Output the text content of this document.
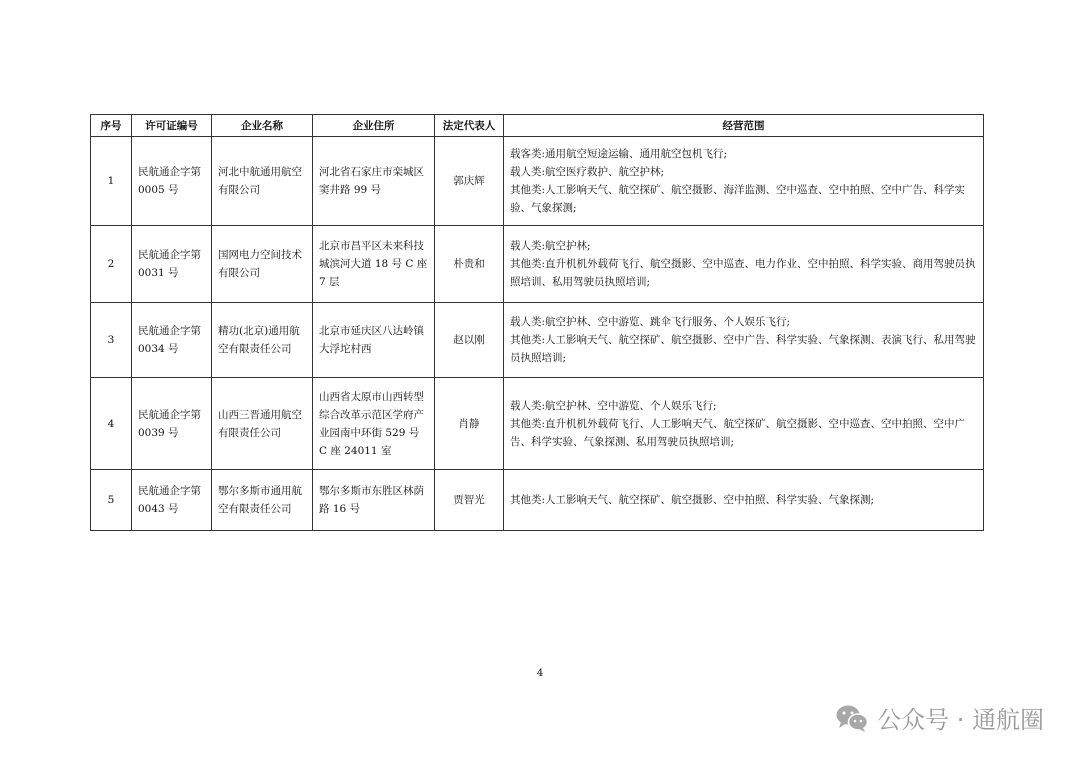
序号	许可证编号	企业名称	企业住所	法定代表人	经营范围
1	民航通企字第 0005 号	河北中航通用航空有限公司	河北省石家庄市栾城区窦井路 99 号	郭庆辉	载客类:通用航空短途运输、通用航空包机飞行;
载人类:航空医疗救护、航空护林;
其他类:人工影响天气、航空探矿、航空摄影、海洋监测、空中巡查、空中拍照、空中广告、科学实验、气象探测;

2	民航通企字第 0031 号	国网电力空间技术有限公司	北京市昌平区未来科技城滨河大道 18 号 C 座 7 层	朴贵和	载人类:航空护林;
其他类:直升机机外载荷飞行、航空摄影、空中巡查、电力作业、空中拍照、科学实验、商用驾驶员执照培训、私用驾驶员执照培训;

3	民航通企字第 0034 号	精功(北京)通用航空有限责任公司	北京市延庆区八达岭镇大浮坨村西	赵以刚	载人类:航空护林、空中游览、跳伞飞行服务、个人娱乐飞行;
其他类:人工影响天气、航空探矿、航空摄影、空中广告、科学实验、气象探测、表演飞行、私用驾驶员执照培训;

4	民航通企字第 0039 号	山西三晋通用航空有限责任公司	山西省太原市山西转型综合改革示范区学府产业园南中环街 529 号 C 座 24011 室	肖静	载人类:航空护林、空中游览、个人娱乐飞行;
其他类:直升机机外载荷飞行、人工影响天气、航空探矿、航空摄影、空中巡查、空中拍照、空中广告、科学实验、气象探测、私用驾驶员执照培训;

5	民航通企字第 0043 号	鄂尔多斯市通用航空有限责任公司	鄂尔多斯市东胜区林荫路 16 号	贾智光	其他类:人工影响天气、航空探矿、航空摄影、空中拍照、科学实验、气象探测;
4
公众号 · 通航圈
